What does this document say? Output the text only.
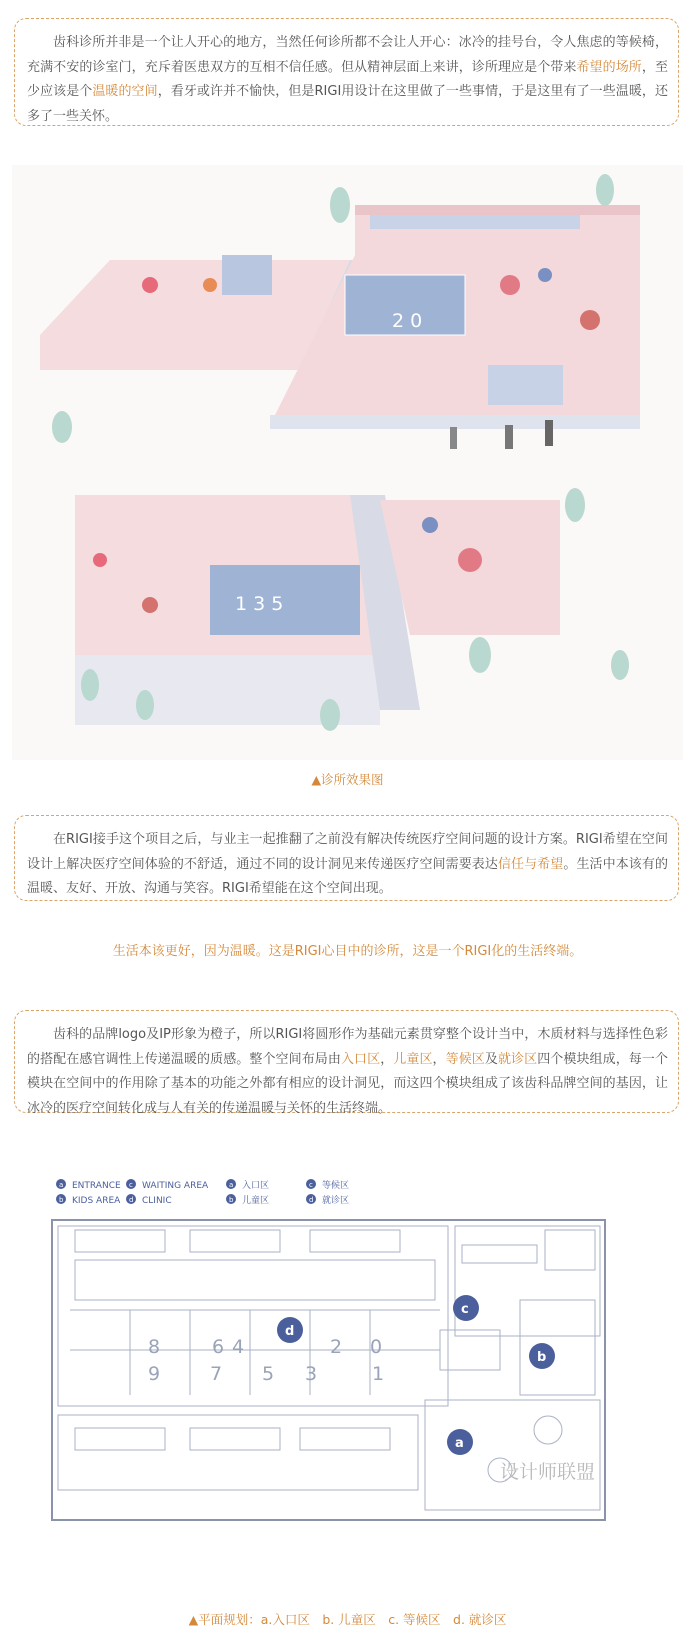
齿科诊所并非是一个让人开心的地方，当然任何诊所都不会让人开心：冰冷的挂号台，令人焦虑的等候椅，充满不安的诊室门，充斥着医患双方的互相不信任感。但从精神层面上来讲，诊所理应是个带来希望的场所，至少应该是个温暖的空间，看牙或许并不愉快，但是RIGI用设计在这里做了一些事情，于是这里有了一些温暖，还多了一些关怀。
2 0
1 3 5
▲诊所效果图
在RIGI接手这个项目之后，与业主一起推翻了之前没有解决传统医疗空间问题的设计方案。RIGI希望在空间设计上解决医疗空间体验的不舒适，通过不同的设计洞见来传递医疗空间需要表达信任与希望。生活中本该有的温暖、友好、开放、沟通与笑容。RIGI希望能在这个空间出现。
生活本该更好，因为温暖。这是RIGI心目中的诊所，这是一个RIGI化的生活终端。
齿科的品牌logo及IP形象为橙子，所以RIGI将圆形作为基础元素贯穿整个设计当中，木质材料与选择性色彩的搭配在感官调性上传递温暖的质感。整个空间布局由入口区，儿童区，等候区及就诊区四个模块组成，每一个模块在空间中的作用除了基本的功能之外都有相应的设计洞见，而这四个模块组成了该齿科品牌空间的基因，让冰冷的医疗空间转化成与人有关的传递温暖与关怀的生活终端。
a ENTRANCE
b KIDS AREA
c WAITING AREA
d CLINIC
a 入口区
b 儿童区
c 等候区
d 就诊区
8	6 4	2 0
9	7 5 3	1
d
c
b
a
设计师联盟
▲平面规划：a.入口区　b. 儿童区　c. 等候区　d. 就诊区
